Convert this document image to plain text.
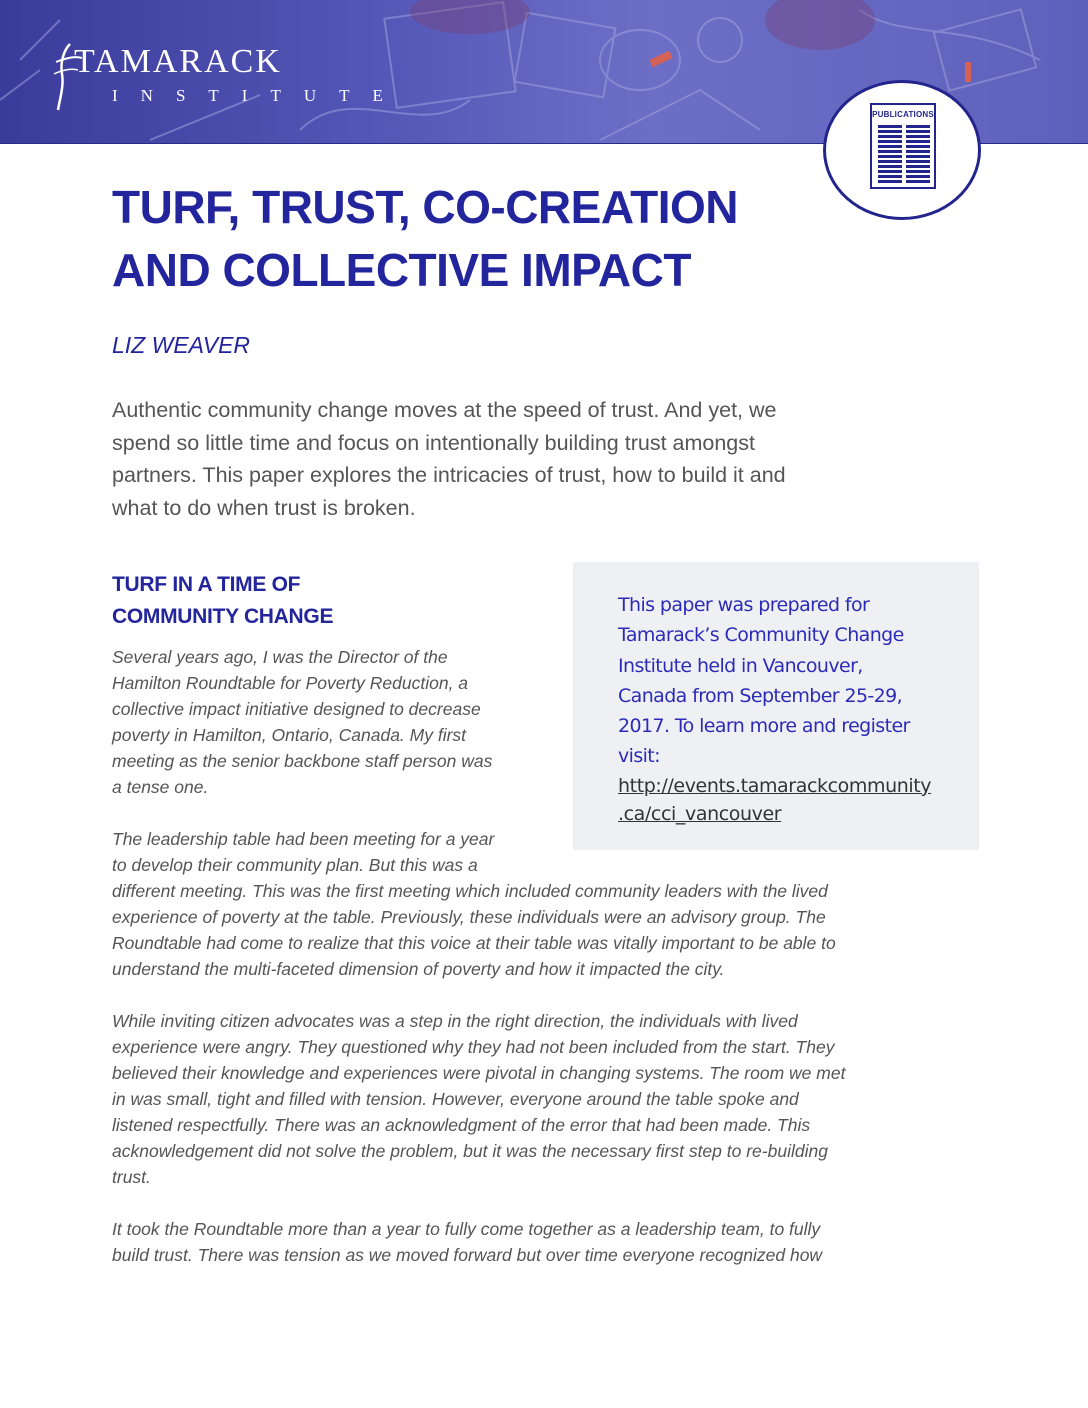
TAMARACK
INSTITUTE
PUBLICATIONS
TURF, TRUST, CO-CREATION
AND COLLECTIVE IMPACT
LIZ WEAVER
Authentic community change moves at the speed of trust. And yet, we
spend so little time and focus on intentionally building trust amongst
partners. This paper explores the intricacies of trust, how to build it and
what to do when trust is broken.
TURF IN A TIME OF
COMMUNITY CHANGE	This paper was prepared for
Tamarack’s Community Change
Institute held in Vancouver,
Canada from September 25-29,
2017. To learn more and register
visit:
http://events.tamarackcommunity
.ca/cci_vancouver
Several years ago, I was the Director of the
Hamilton Roundtable for Poverty Reduction, a
collective impact initiative designed to decrease
poverty in Hamilton, Ontario, Canada. My first
meeting as the senior backbone staff person was
a tense one.
The leadership table had been meeting for a year
to develop their community plan. But this was a
different meeting. This was the first meeting which included community leaders with the lived
experience of poverty at the table. Previously, these individuals were an advisory group. The
Roundtable had come to realize that this voice at their table was vitally important to be able to
understand the multi-faceted dimension of poverty and how it impacted the city.
While inviting citizen advocates was a step in the right direction, the individuals with lived
experience were angry. They questioned why they had not been included from the start. They
believed their knowledge and experiences were pivotal in changing systems. The room we met
in was small, tight and filled with tension. However, everyone around the table spoke and
listened respectfully. There was an acknowledgment of the error that had been made. This
acknowledgement did not solve the problem, but it was the necessary first step to re-building
trust.
It took the Roundtable more than a year to fully come together as a leadership team, to fully
build trust. There was tension as we moved forward but over time everyone recognized how
